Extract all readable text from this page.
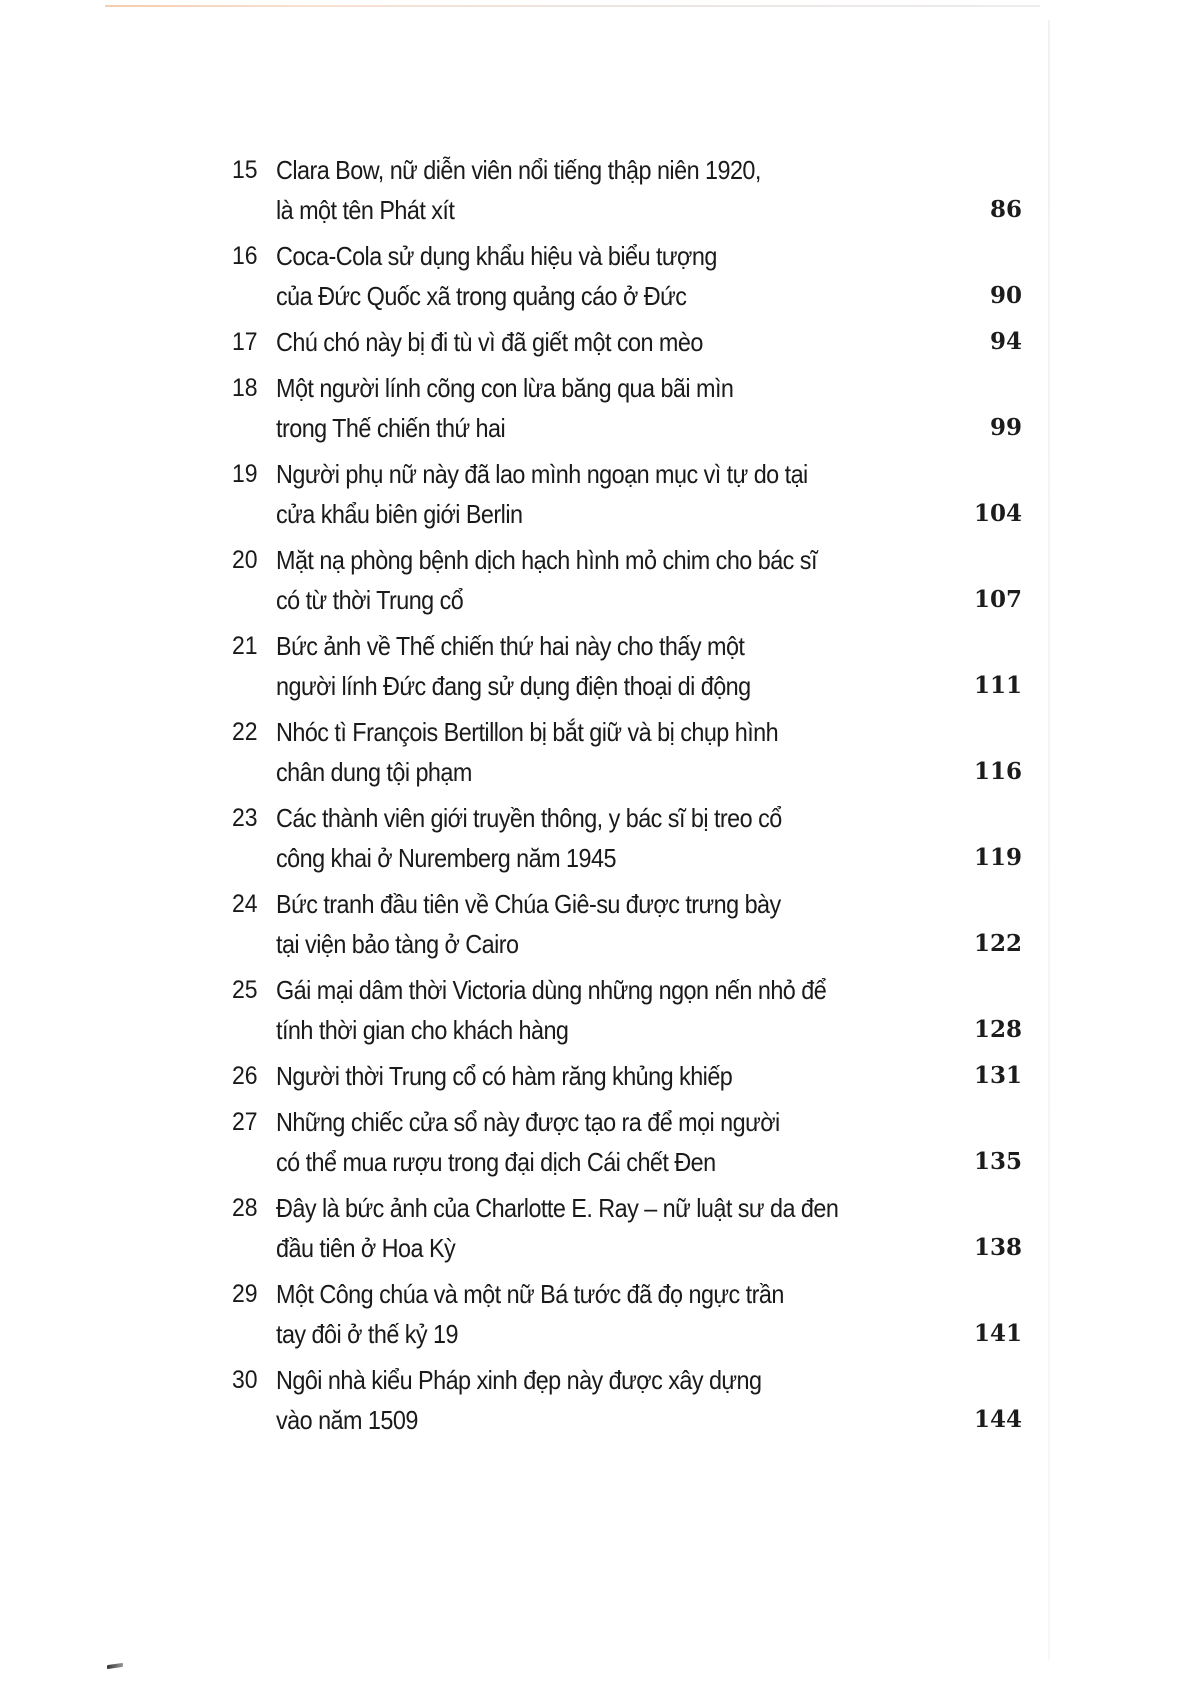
15 Clara Bow, nữ diễn viên nổi tiếng thập niên 1920,
là một tên Phát xít	86
16 Coca-Cola sử dụng khẩu hiệu và biểu tượng
của Đức Quốc xã trong quảng cáo ở Đức	90
17 Chú chó này bị đi tù vì đã giết một con mèo	94
18 Một người lính cõng con lừa băng qua bãi mìn
trong Thế chiến thứ hai	99
19 Người phụ nữ này đã lao mình ngoạn mục vì tự do tại
cửa khẩu biên giới Berlin	104
20 Mặt nạ phòng bệnh dịch hạch hình mỏ chim cho bác sĩ
có từ thời Trung cổ	107
21 Bức ảnh về Thế chiến thứ hai này cho thấy một
người lính Đức đang sử dụng điện thoại di động	111
22 Nhóc tì François Bertillon bị bắt giữ và bị chụp hình
chân dung tội phạm	116
23 Các thành viên giới truyền thông, y bác sĩ bị treo cổ
công khai ở Nuremberg năm 1945	119
24 Bức tranh đầu tiên về Chúa Giê-su được trưng bày
tại viện bảo tàng ở Cairo	122
25 Gái mại dâm thời Victoria dùng những ngọn nến nhỏ để
tính thời gian cho khách hàng	128
26 Người thời Trung cổ có hàm răng khủng khiếp	131
27 Những chiếc cửa sổ này được tạo ra để mọi người
có thể mua rượu trong đại dịch Cái chết Đen	135
28 Đây là bức ảnh của Charlotte E. Ray – nữ luật sư da đen
đầu tiên ở Hoa Kỳ	138
29 Một Công chúa và một nữ Bá tước đã đọ ngực trần
tay đôi ở thế kỷ 19	141
30 Ngôi nhà kiểu Pháp xinh đẹp này được xây dựng
vào năm 1509	144
